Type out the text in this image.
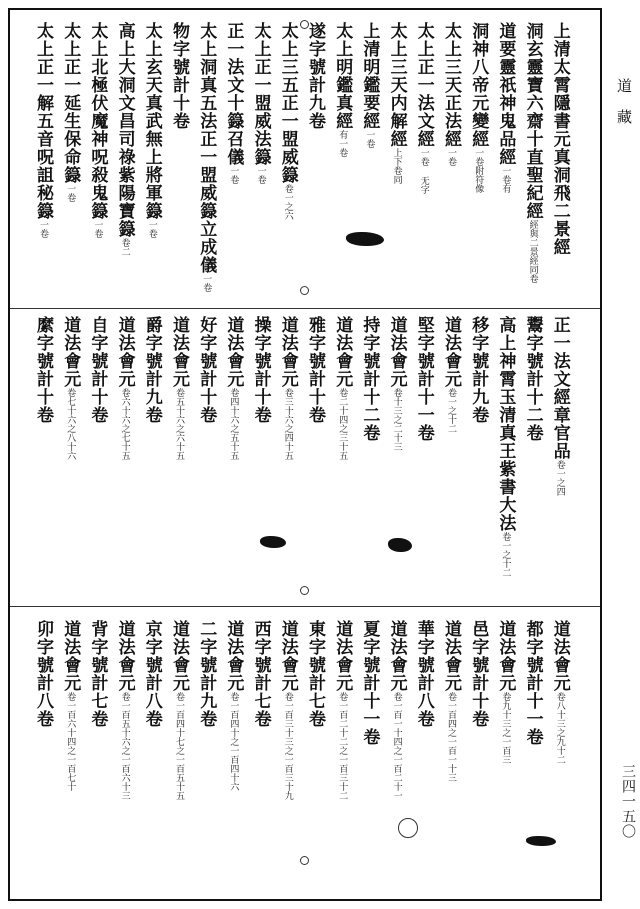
上清太霄隱書元真洞飛二景經
洞玄靈寶六齋十直聖紀經經與二景經同卷
道要靈祇神鬼品經一卷有
洞神八帝元變經一卷附符像
太上三天正法經一卷
太上正一法文經一卷 无字
太上三天内解經上下卷同
上清明鑑要經一卷
太上明鑑真經有一卷
遂字號計九卷
太上三五正一盟威籙卷一之六
太上正一盟威法籙一卷
正一法文十籙召儀一卷
太上洞真五法正一盟威籙立成儀一卷
物字號計十卷
太上玄天真武無上將軍籙一卷
高上大洞文昌司祿紫陽寶籙卷二
太上北極伏魔神呪殺鬼籙一卷
太上正一延生保命籙一卷
太上正一解五音呪詛秘籙一卷
正一法文經章官品卷一之四
鬻字號計十二卷
高上神霄玉清真王紫書大法卷一之十二
移字號計九卷
道法會元卷一之十二
堅字號計十一卷
道法會元卷十三之二十三
持字號計十二卷
道法會元卷二十四之三十五
雅字號計十卷
道法會元卷三十六之四十五
操字號計十卷
道法會元卷四十六之五十五
好字號計十卷
道法會元卷五十六之六十五
爵字號計九卷
道法會元卷六十六之七十五
自字號計十卷
道法會元卷七十六之八十六
縻字號計十卷
道法會元卷八十三之九十二
都字號計十一卷
道法會元卷九十三之一百三
邑字號計十卷
道法會元卷一百四之一百一十三
華字號計八卷
道法會元卷一百一十四之一百二十一
夏字號計十一卷
道法會元卷一百二十二之一百三十二
東字號計七卷
道法會元卷一百三十三之一百三十九
西字號計七卷
道法會元卷一百四十之一百四十六
二字號計九卷
道法會元卷一百四十七之一百五十五
京字號計八卷
道法會元卷一百五十六之一百六十三
背字號計七卷
道法會元卷一百六十四之一百七十
卯字號計八卷
道藏
三四一五〇
